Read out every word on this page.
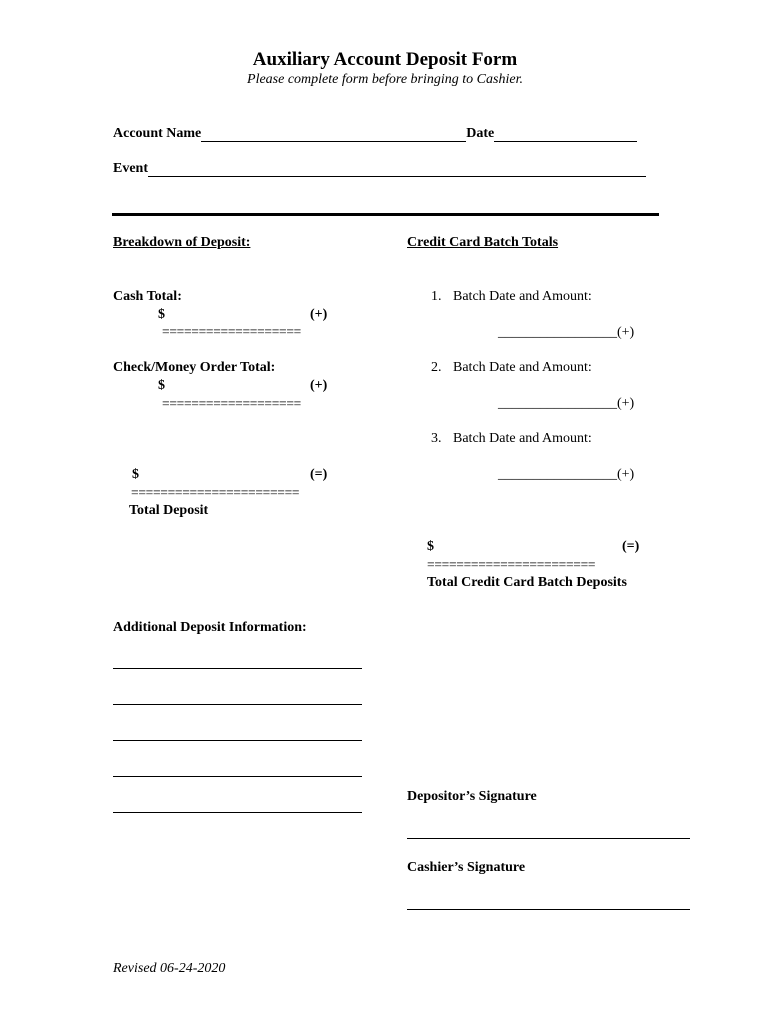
Auxiliary Account Deposit Form
Please complete form before bringing to Cashier.
Account Name	Date
Event
Breakdown of Deposit:
Cash Total:
$	(+)
===================
Check/Money Order Total:
$	(+)
===================
$	(=)
=======================
Total Deposit
Credit Card Batch Totals
1. Batch Date and Amount:
_________________(+)
2. Batch Date and Amount:
_________________(+)
3. Batch Date and Amount:
_________________(+)
$	(=)
=======================
Total Credit Card Batch Deposits
Additional Deposit Information:
Depositor’s Signature
Cashier’s Signature
Revised 06-24-2020
